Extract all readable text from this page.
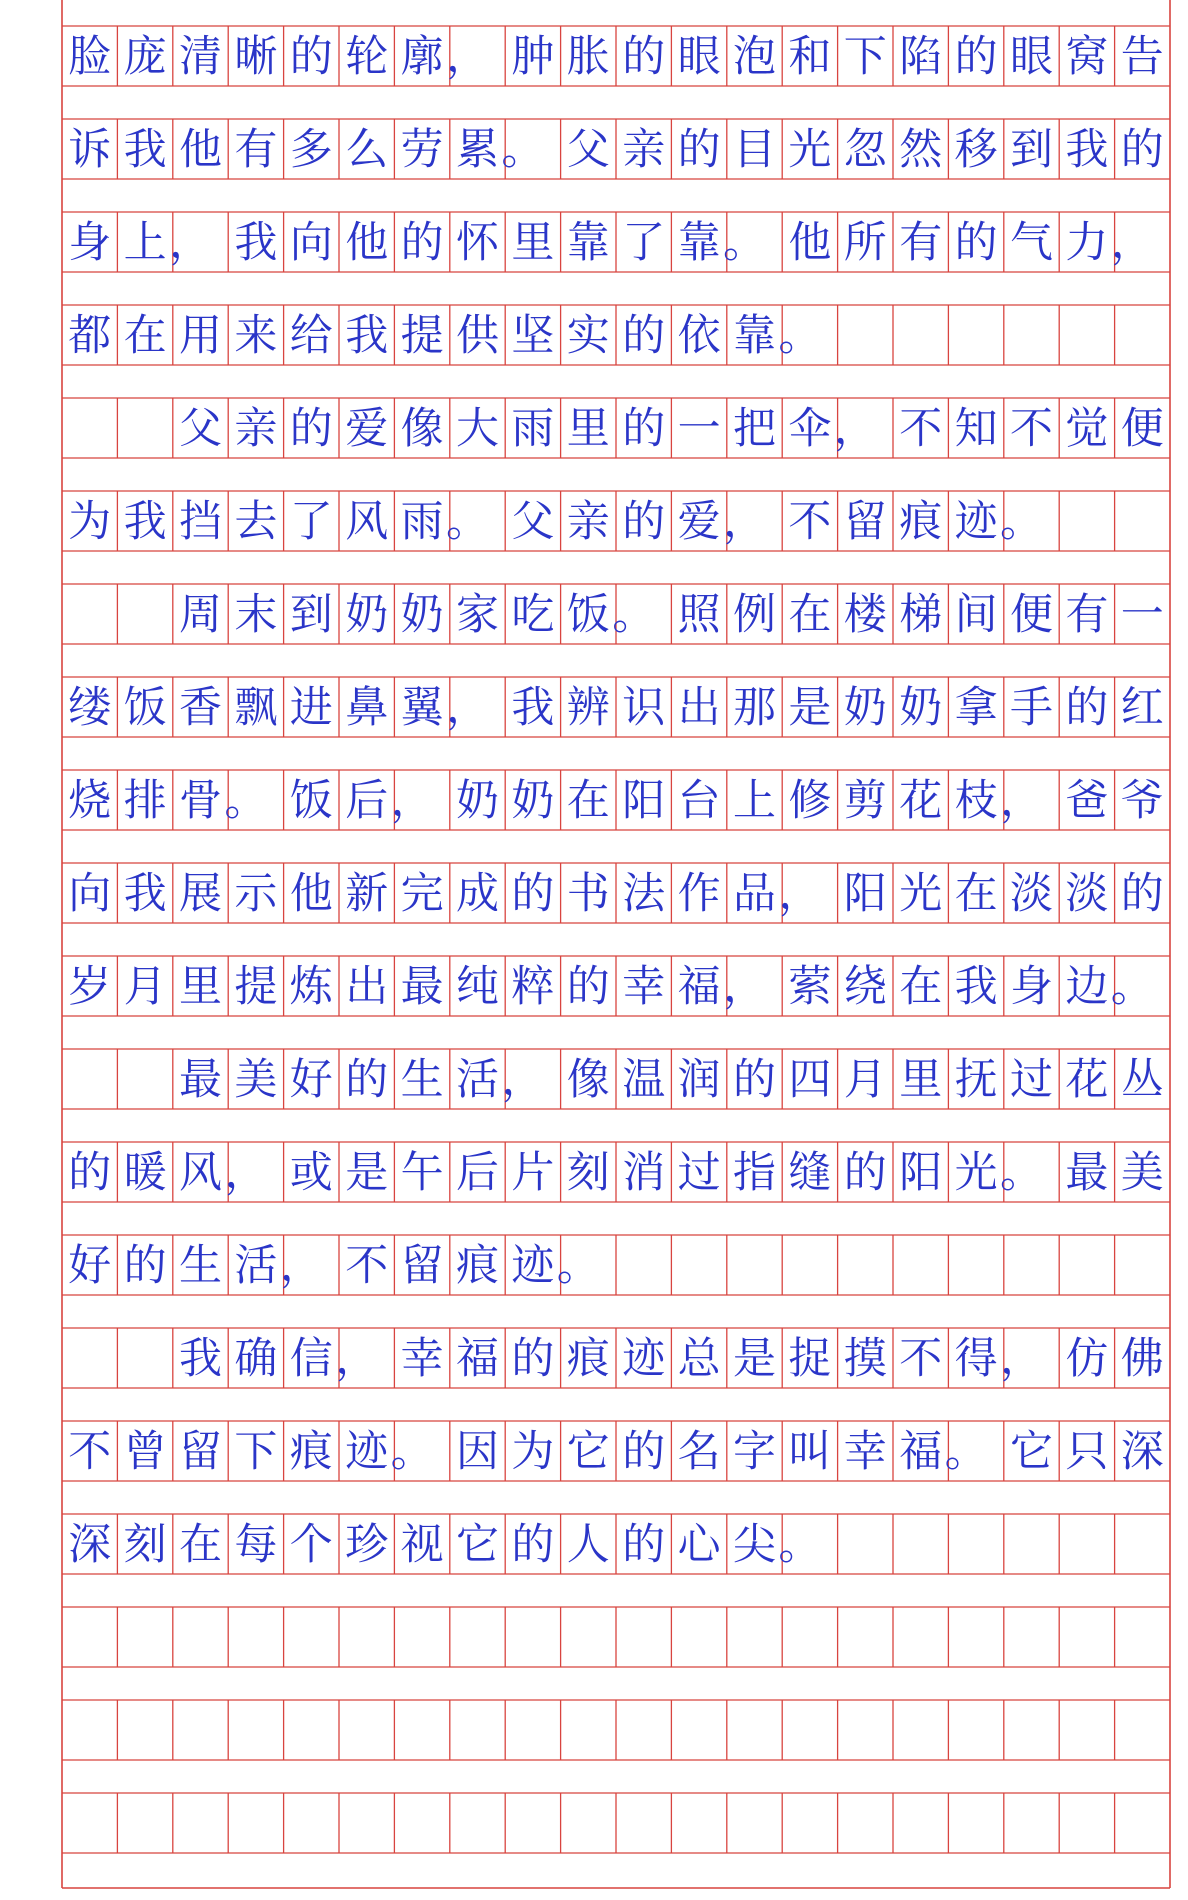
脸 庞 清 晰 的 轮 廓 ， 肿 胀 的 眼 泡 和 下 陷 的 眼 窝 告
诉 我 他 有 多 么 劳 累 。 父 亲 的 目 光 忽 然 移 到 我 的
身 上 ， 我 向 他 的 怀 里 靠 了 靠 。 他 所 有 的 气 力 ，
都 在 用 来 给 我 提 供 坚 实 的 依 靠 。
父 亲 的 爱 像 大 雨 里 的 一 把 伞 ， 不 知 不 觉 便
为 我 挡 去 了 风 雨 。 父 亲 的 爱 ， 不 留 痕 迹 。
周 末 到 奶 奶 家 吃 饭 。 照 例 在 楼 梯 间 便 有 一
缕 饭 香 飘 进 鼻 翼 ， 我 辨 识 出 那 是 奶 奶 拿 手 的 红
烧 排 骨 。 饭 后 ， 奶 奶 在 阳 台 上 修 剪 花 枝 ， 爸 爷
向 我 展 示 他 新 完 成 的 书 法 作 品 ， 阳 光 在 淡 淡 的
岁 月 里 提 炼 出 最 纯 粹 的 幸 福 ， 萦 绕 在 我 身 边 。
最 美 好 的 生 活 ， 像 温 润 的 四 月 里 抚 过 花 丛
的 暖 风 ， 或 是 午 后 片 刻 消 过 指 缝 的 阳 光 。 最 美
好 的 生 活 ， 不 留 痕 迹 。
我 确 信 ， 幸 福 的 痕 迹 总 是 捉 摸 不 得 ， 仿 佛
不 曾 留 下 痕 迹 。 因 为 它 的 名 字 叫 幸 福 。 它 只 深
深 刻 在 每 个 珍 视 它 的 人 的 心 尖 。
